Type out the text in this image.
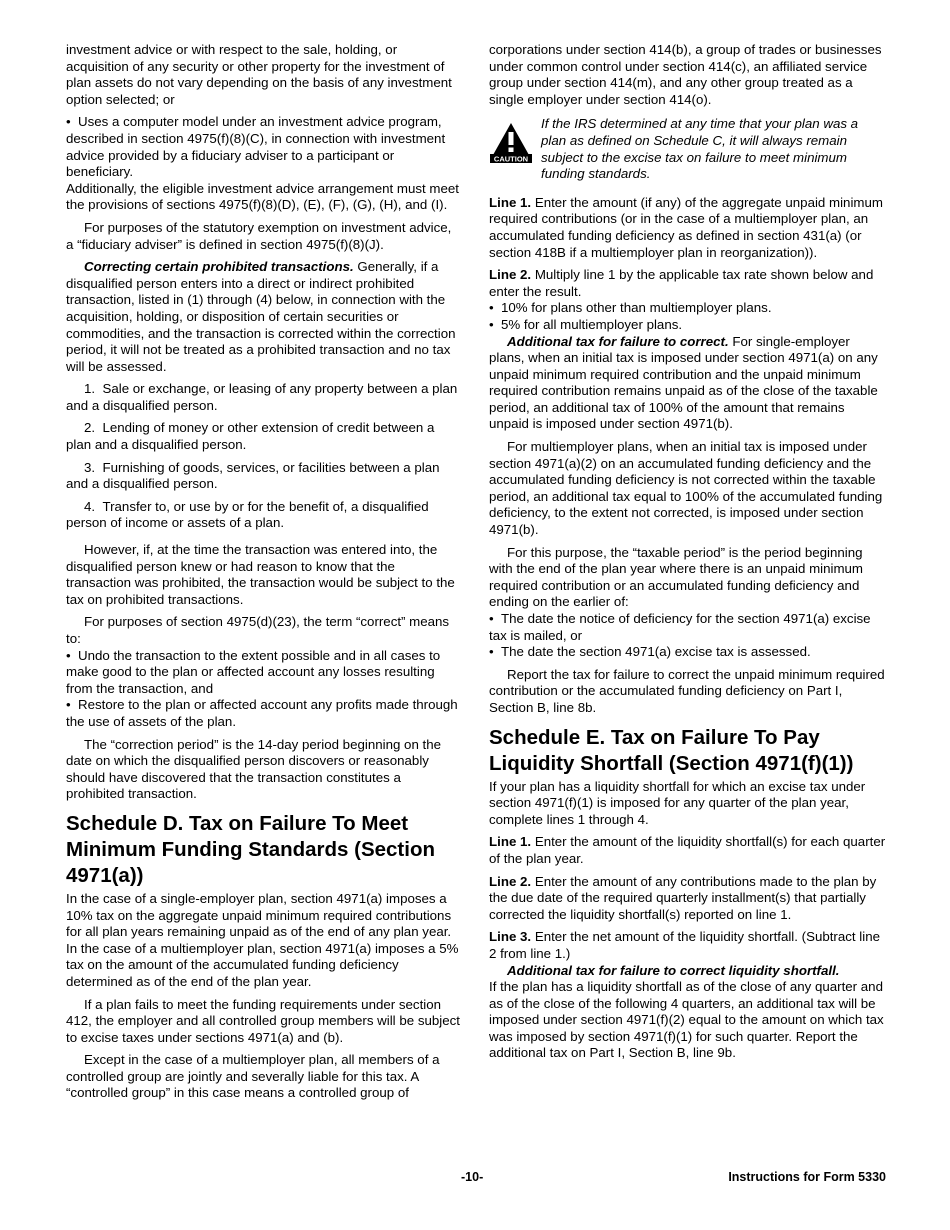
investment advice or with respect to the sale, holding, or acquisition of any security or other property for the investment of plan assets do not vary depending on the basis of any investment option selected; or

• Uses a computer model under an investment advice program, described in section 4975(f)(8)(C), in connection with investment advice provided by a fiduciary adviser to a participant or beneficiary.

Additionally, the eligible investment advice arrangement must meet the provisions of sections 4975(f)(8)(D), (E), (F), (G), (H), and (I).

For purposes of the statutory exemption on investment advice, a “fiduciary adviser” is defined in section 4975(f)(8)(J).

Correcting certain prohibited transactions. Generally, if a disqualified person enters into a direct or indirect prohibited transaction, listed in (1) through (4) below, in connection with the acquisition, holding, or disposition of certain securities or commodities, and the transaction is corrected within the correction period, it will not be treated as a prohibited transaction and no tax will be assessed.

1.  Sale or exchange, or leasing of any property between a plan and a disqualified person.

2.  Lending of money or other extension of credit between a plan and a disqualified person.

3.  Furnishing of goods, services, or facilities between a plan and a disqualified person.

4.  Transfer to, or use by or for the benefit of, a disqualified person of income or assets of a plan.

However, if, at the time the transaction was entered into, the disqualified person knew or had reason to know that the transaction was prohibited, the transaction would be subject to the tax on prohibited transactions.

For purposes of section 4975(d)(23), the term “correct” means to:

• Undo the transaction to the extent possible and in all cases to make good to the plan or affected account any losses resulting from the transaction, and

• Restore to the plan or affected account any profits made through the use of assets of the plan.

The “correction period” is the 14-day period beginning on the date on which the disqualified person discovers or reasonably should have discovered that the transaction constitutes a prohibited transaction.

Schedule D. Tax on Failure To Meet Minimum Funding Standards (Section 4971(a))

In the case of a single-employer plan, section 4971(a) imposes a 10% tax on the aggregate unpaid minimum required contributions for all plan years remaining unpaid as of the end of any plan year. In the case of a multiemployer plan, section 4971(a) imposes a 5% tax on the amount of the accumulated funding deficiency determined as of the end of the plan year.

If a plan fails to meet the funding requirements under section 412, the employer and all controlled group members will be subject to excise taxes under sections 4971(a) and (b).

Except in the case of a multiemployer plan, all members of a controlled group are jointly and severally liable for this tax. A “controlled group” in this case means a controlled group of

corporations under section 414(b), a group of trades or businesses under common control under section 414(c), an affiliated service group under section 414(m), and any other group treated as a single employer under section 414(o).

CAUTION
If the IRS determined at any time that your plan was a plan as defined on Schedule C, it will always remain subject to the excise tax on failure to meet minimum funding standards.

Line 1. Enter the amount (if any) of the aggregate unpaid minimum required contributions (or in the case of a multiemployer plan, an accumulated funding deficiency as defined in section 431(a) (or section 418B if a multiemployer plan in reorganization)).

Line 2. Multiply line 1 by the applicable tax rate shown below and enter the result.

• 10% for plans other than multiemployer plans.

• 5% for all multiemployer plans.

Additional tax for failure to correct. For single-employer plans, when an initial tax is imposed under section 4971(a) on any unpaid minimum required contribution and the unpaid minimum required contribution remains unpaid as of the close of the taxable period, an additional tax of 100% of the amount that remains unpaid is imposed under section 4971(b).

For multiemployer plans, when an initial tax is imposed under section 4971(a)(2) on an accumulated funding deficiency and the accumulated funding deficiency is not corrected within the taxable period, an additional tax equal to 100% of the accumulated funding deficiency, to the extent not corrected, is imposed under section 4971(b).

For this purpose, the “taxable period” is the period beginning with the end of the plan year where there is an unpaid minimum required contribution or an accumulated funding deficiency and ending on the earlier of:

• The date the notice of deficiency for the section 4971(a) excise tax is mailed, or

• The date the section 4971(a) excise tax is assessed.

Report the tax for failure to correct the unpaid minimum required contribution or the accumulated funding deficiency on Part I, Section B, line 8b.

Schedule E. Tax on Failure To Pay Liquidity Shortfall (Section 4971(f)(1))

If your plan has a liquidity shortfall for which an excise tax under section 4971(f)(1) is imposed for any quarter of the plan year, complete lines 1 through 4.

Line 1. Enter the amount of the liquidity shortfall(s) for each quarter of the plan year.

Line 2. Enter the amount of any contributions made to the plan by the due date of the required quarterly installment(s) that partially corrected the liquidity shortfall(s) reported on line 1.

Line 3. Enter the net amount of the liquidity shortfall. (Subtract line 2 from line 1.)

Additional tax for failure to correct liquidity shortfall.

If the plan has a liquidity shortfall as of the close of any quarter and as of the close of the following 4 quarters, an additional tax will be imposed under section 4971(f)(2) equal to the amount on which tax was imposed by section 4971(f)(1) for such quarter. Report the additional tax on Part I, Section B, line 9b.

-10-	Instructions for Form 5330
